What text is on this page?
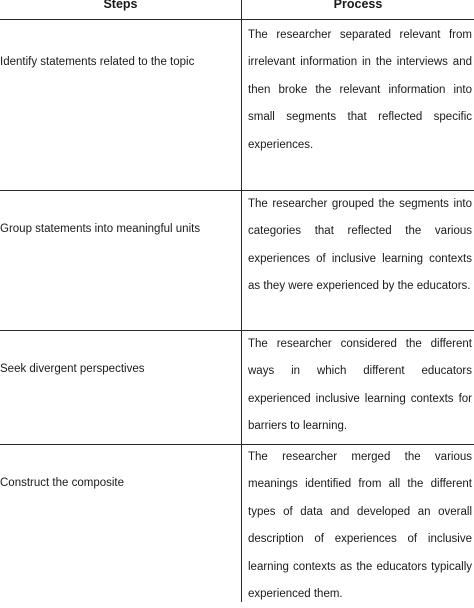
Steps	Process
Identify statements related to the topic
The researcher separated relevant from irrelevant information in the interviews and then broke the relevant information into small segments that reflected specific experiences.
Group statements into meaningful units
The researcher grouped the segments into categories that reflected the various experiences of inclusive learning contexts as they were experienced by the educators.
Seek divergent perspectives
The researcher considered the different ways in which different educators experienced inclusive learning contexts for barriers to learning.
Construct the composite
The researcher merged the various meanings identified from all the different types of data and developed an overall description of experiences of inclusive learning contexts as the educators typically experienced them.
